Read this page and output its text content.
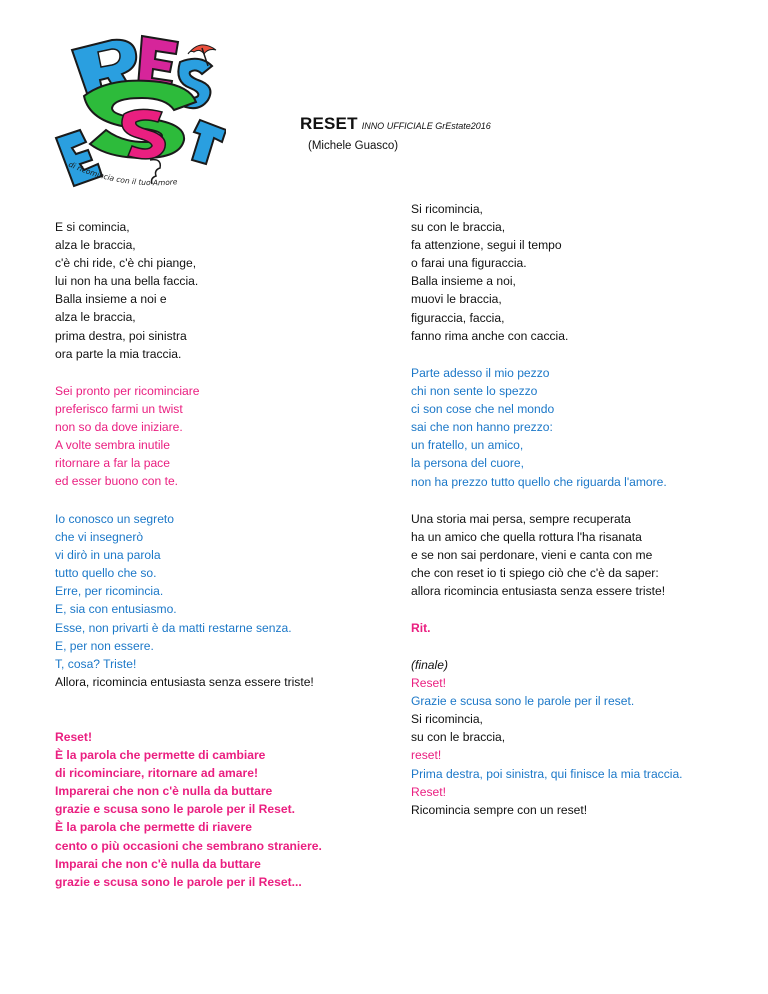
di ricomincia con il tuo Amore
RESET INNO UFFICIALE GrEstate2016
(Michele Guasco)
E si comincia,
alza le braccia,
c'è chi ride, c'è chi piange,
lui non ha una bella faccia.
Balla insieme a noi e
alza le braccia,
prima destra, poi sinistra
ora parte la mia traccia.
Sei pronto per ricominciare
preferisco farmi un twist
non so da dove iniziare.
A volte sembra inutile
ritornare a far la pace
ed esser buono con te.
Io conosco un segreto
che vi insegnerò
vi dirò in una parola
tutto quello che so.
Erre, per ricomincia.
E, sia con entusiasmo.
Esse, non privarti è da matti restarne senza.
E, per non essere.
T, cosa? Triste!
Allora, ricomincia entusiasta senza essere triste!
Reset!
È la parola che permette di cambiare
di ricominciare, ritornare ad amare!
Imparerai che non c'è nulla da buttare
grazie e scusa sono le parole per il Reset.
È la parola che permette di riavere
cento o più occasioni che sembrano straniere.
Imparai che non c'è nulla da buttare
grazie e scusa sono le parole per il Reset...
Si ricomincia,
su con le braccia,
fa attenzione, segui il tempo
o farai una figuraccia.
Balla insieme a noi,
muovi le braccia,
figuraccia, faccia,
fanno rima anche con caccia.
Parte adesso il mio pezzo
chi non sente lo spezzo
ci son cose che nel mondo
sai che non hanno prezzo:
un fratello, un amico,
la persona del cuore,
non ha prezzo tutto quello che riguarda l'amore.
Una storia mai persa, sempre recuperata
ha un amico che quella rottura l'ha risanata
e se non sai perdonare, vieni e canta con me
che con reset io ti spiego ciò che c'è da saper:
allora ricomincia entusiasta senza essere triste!
Rit.
(finale)
Reset!
Grazie e scusa sono le parole per il reset.
Si ricomincia,
su con le braccia,
reset!
Prima destra, poi sinistra, qui finisce la mia traccia.
Reset!
Ricomincia sempre con un reset!
